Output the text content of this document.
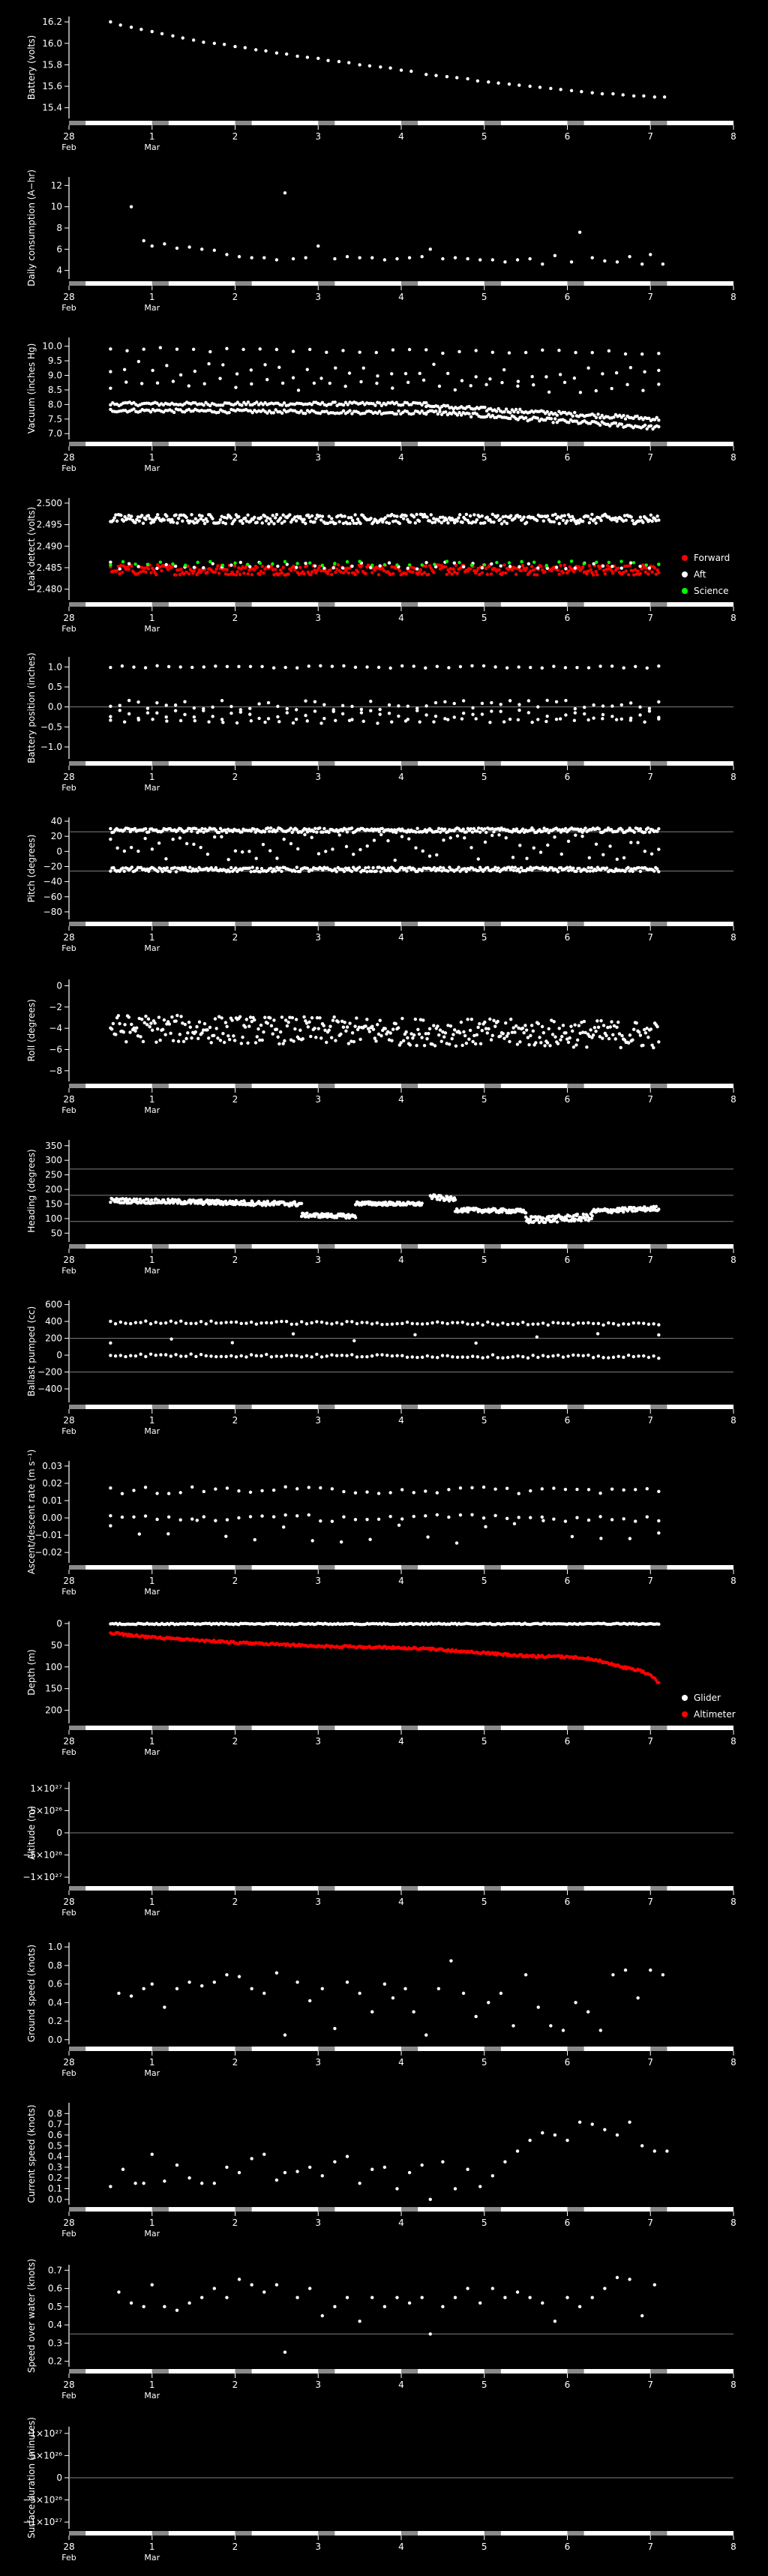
15.4
15.6
15.8
16.0
16.2
28
Feb
1
Mar
2	3	4	5	6	7	8
Battery (volts)
4
6
8
10
12
28
Feb
1
Mar
2	3	4	5	6	7	8
Daily consumption (A−hr)
7.0
7.5
8.0
8.5
9.0
9.5
10.0
28
Feb
1
Mar
2	3	4	5	6	7	8
Vacuum (inches Hg)
2.480
2.485
2.490
2.495
2.500
28
Feb
1
Mar
2	3	4	5	6	7	8
Leak detect (volts)	Forward
Aft
Science
−1.0
−0.5
0.0
0.5
1.0
28
Feb
1
Mar
2	3	4	5	6	7	8
Battery position (inches)
−80
−60
−40
−20
0
20
40
28
Feb
1
Mar
2	3	4	5	6	7	8
Pitch (degrees)
−8
−6
−4
−2
0
28
Feb
1
Mar
2	3	4	5	6	7	8
Roll (degrees)
50
100
150
200
250
300
350
28
Feb
1
Mar
2	3	4	5	6	7	8
Heading (degrees)
−400
−200
0
200
400
600
28
Feb
1
Mar
2	3	4	5	6	7	8
Ballast pumped (cc)
−0.02
−0.01
0.00
0.01
0.02
0.03
28
Feb
1
Mar
2	3	4	5	6	7	8
Ascent/descent rate (m s⁻¹)
0
50
100
150
200
28
Feb
1
Mar
2	3	4	5	6	7	8
Depth (m)
Glider
Altimeter
−1×10²⁷
−5×10²⁶
0
5×10²⁶
1×10²⁷
28
Feb
1
Mar
2	3	4	5	6	7	8
Altitude (m)
0.0
0.2
0.4
0.6
0.8
1.0
28
Feb
1
Mar
2	3	4	5	6	7	8
Ground speed (knots)
0.0
0.1
0.2
0.3
0.4
0.5
0.6
0.7
0.8
28
Feb
1
Mar
2	3	4	5	6	7	8
Current speed (knots)
0.2
0.3
0.4
0.5
0.6
0.7
28
Feb
1
Mar
2	3	4	5	6	7	8
Speed over water (knots)
−1×10²⁷
−5×10²⁶
0
5×10²⁶
1×10²⁷
28
Feb
1
Mar
2	3	4	5	6	7	8
Surface duration (minutes)
